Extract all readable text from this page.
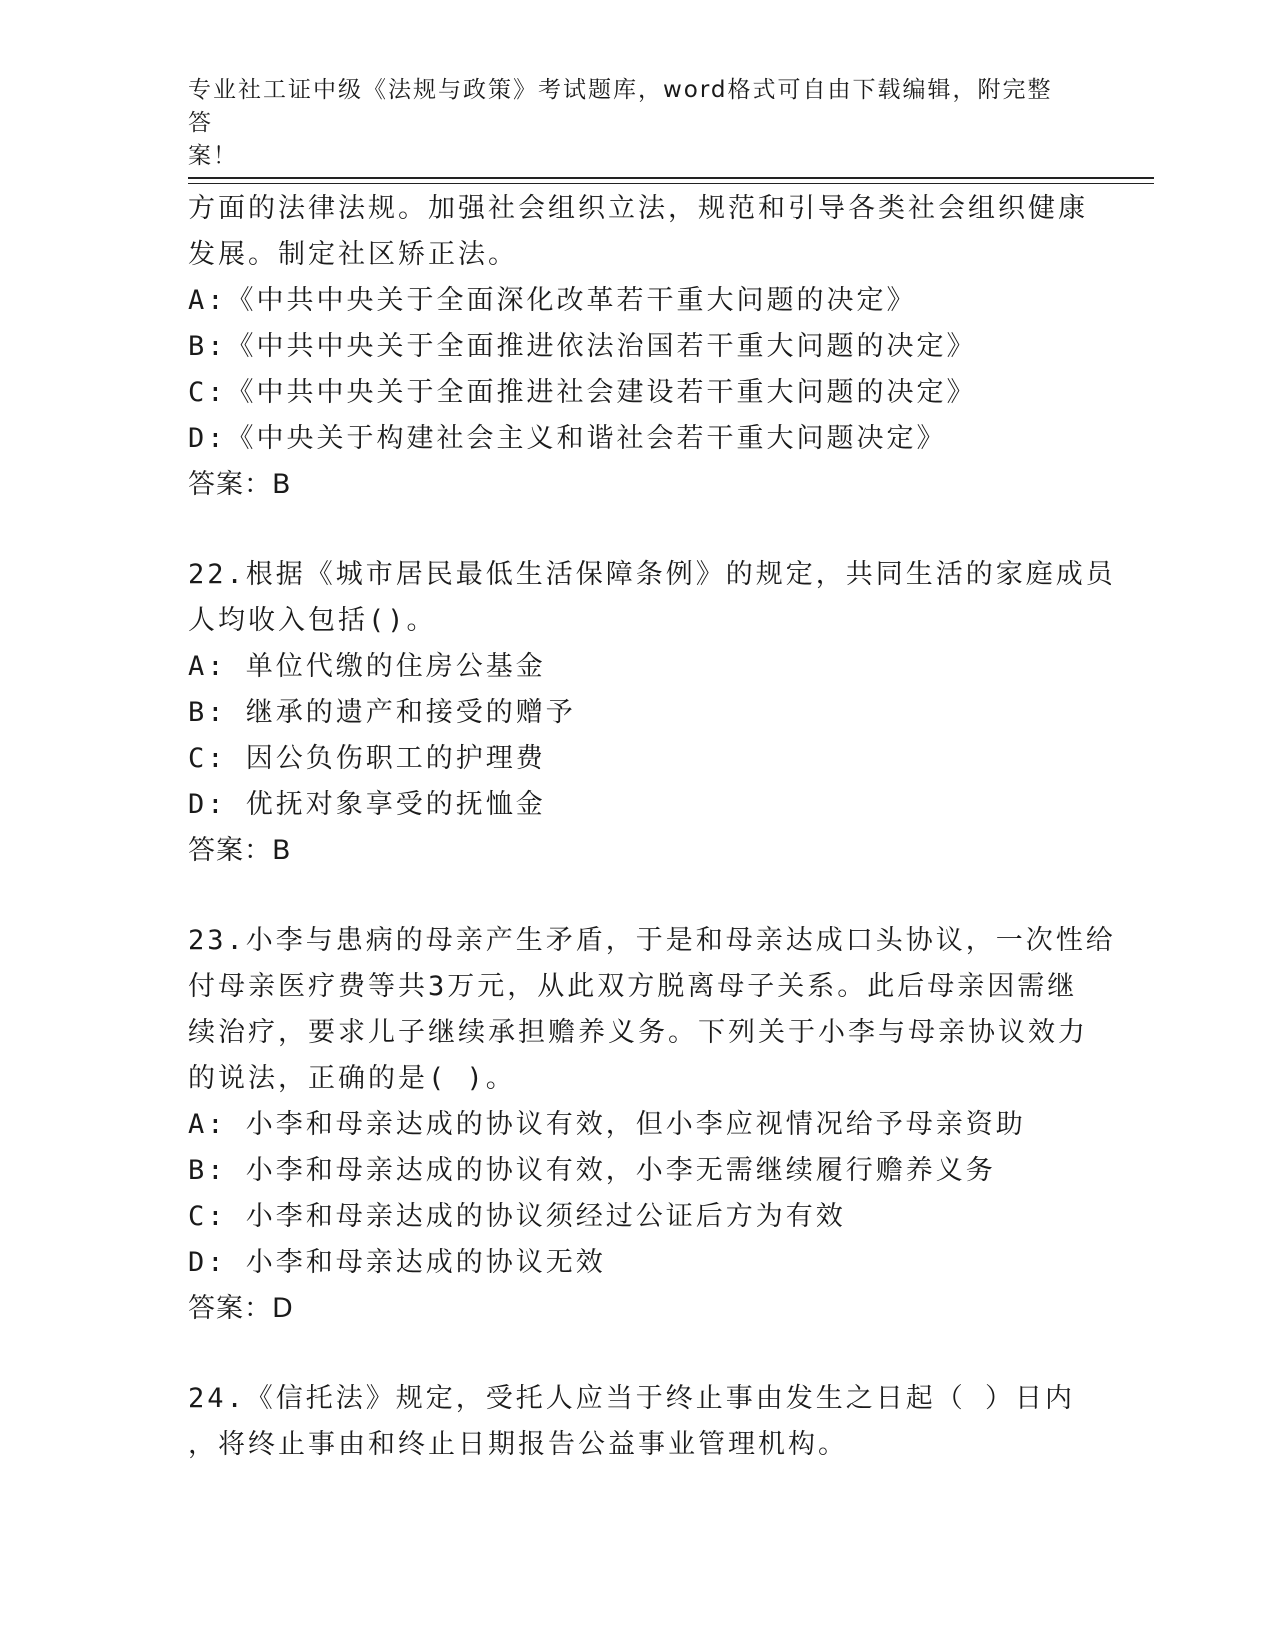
专业社工证中级《法规与政策》考试题库，word格式可自由下载编辑，附完整答
案！
方面的法律法规。加强社会组织立法，规范和引导各类社会组织健康
发展。制定社区矫正法。
A:《中共中央关于全面深化改革若干重大问题的决定》
B:《中共中央关于全面推进依法治国若干重大问题的决定》
C:《中共中央关于全面推进社会建设若干重大问题的决定》
D:《中央关于构建社会主义和谐社会若干重大问题决定》
答案：B
22.根据《城市居民最低生活保障条例》的规定，共同生活的家庭成员
人均收入包括()。
A: 单位代缴的住房公基金
B: 继承的遗产和接受的赠予
C: 因公负伤职工的护理费
D: 优抚对象享受的抚恤金
答案：B
23.小李与患病的母亲产生矛盾，于是和母亲达成口头协议，一次性给
付母亲医疗费等共3万元，从此双方脱离母子关系。此后母亲因需继
续治疗，要求儿子继续承担赡养义务。下列关于小李与母亲协议效力
的说法，正确的是( )。
A: 小李和母亲达成的协议有效，但小李应视情况给予母亲资助
B: 小李和母亲达成的协议有效，小李无需继续履行赡养义务
C: 小李和母亲达成的协议须经过公证后方为有效
D: 小李和母亲达成的协议无效
答案：D
24.《信托法》规定，受托人应当于终止事由发生之日起（ ）日内
，将终止事由和终止日期报告公益事业管理机构。
